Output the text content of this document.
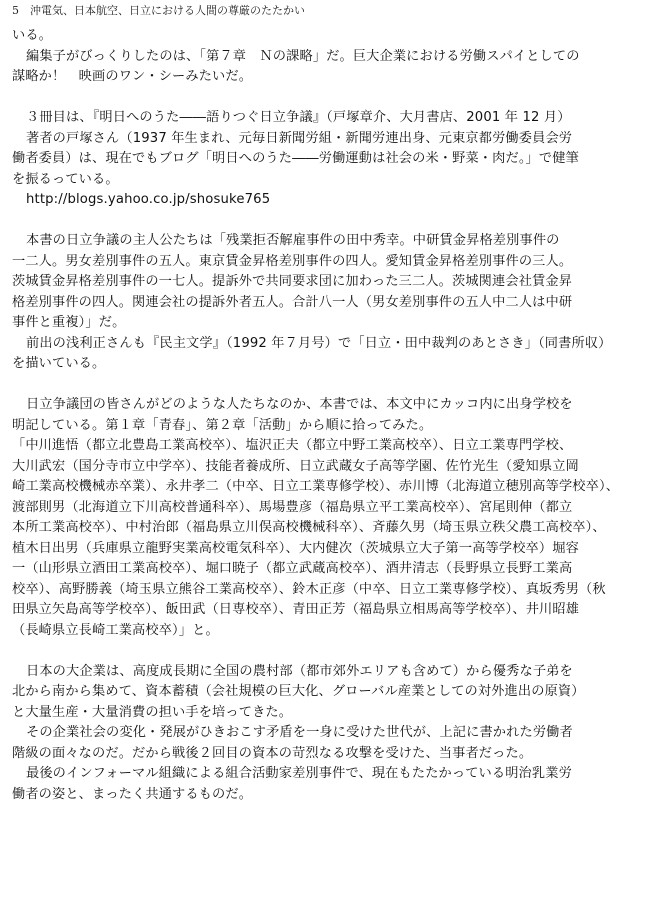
5　沖電気、日本航空、日立における人間の尊厳のたたかい
いる。
編集子がびっくりしたのは、「第７章　Ｎの課略」だ。巨大企業における労働スパイとしての
謀略か！　映画のワン・シーみたいだ。
３冊目は、『明日へのうた――語りつぐ日立争議』（戸塚章介、大月書店、2001 年 12 月）
著者の戸塚さん（1937 年生まれ、元毎日新聞労組・新聞労連出身、元東京都労働委員会労
働者委員）は、現在でもブログ「明日へのうた――労働運動は社会の米・野菜・肉だ。」で健筆
を振るっている。
http://blogs.yahoo.co.jp/shosuke765
本書の日立争議の主人公たちは「残業拒否解雇事件の田中秀幸。中研賃金昇格差別事件の
一二人。男女差別事件の五人。東京賃金昇格差別事件の四人。愛知賃金昇格差別事件の三人。
茨城賃金昇格差別事件の一七人。提訴外で共同要求団に加わった三二人。茨城関連会社賃金昇
格差別事件の四人。関連会社の提訴外者五人。合計八一人（男女差別事件の五人中二人は中研
事件と重複）」だ。
前出の浅利正さんも『民主文学』（1992 年７月号）で「日立・田中裁判のあとさき」（同書所収）
を描いている。
日立争議団の皆さんがどのような人たちなのか、本書では、本文中にカッコ内に出身学校を
明記している。第１章「青春」、第２章「活動」から順に拾ってみた。
「中川進悟（都立北豊島工業高校卒）、塩沢正夫（都立中野工業高校卒）、日立工業専門学校、
大川武宏（国分寺市立中学卒）、技能者養成所、日立武蔵女子高等学園、佐竹光生（愛知県立岡
崎工業高校機械赤卒業）、永井孝二（中卒、日立工業専修学校）、赤川博（北海道立穂別高等学校卒）、
渡部則男（北海道立下川高校普通科卒）、馬場豊彦（福島県立平工業高校卒）、宮尾則伸（都立
本所工業高校卒）、中村治郎（福島県立川俣高校機械科卒）、斉藤久男（埼玉県立秩父農工高校卒）、
植木日出男（兵庫県立龍野実業高校電気科卒）、大内健次（茨城県立大子第一高等学校卒）堀容
一（山形県立酒田工業高校卒）、堀口暁子（都立武蔵高校卒）、酒井清志（長野県立長野工業高
校卒）、高野勝義（埼玉県立熊谷工業高校卒）、鈴木正彦（中卒、日立工業専修学校）、真坂秀男（秋
田県立矢島高等学校卒）、飯田武（日専校卒）、青田正芳（福島県立相馬高等学校卒）、井川昭雄
（長崎県立長崎工業高校卒）」と。
日本の大企業は、高度成長期に全国の農村部（都市郊外エリアも含めて）から優秀な子弟を
北から南から集めて、資本蓄積（会社規模の巨大化、グローバル産業としての対外進出の原資）
と大量生産・大量消費の担い手を培ってきた。
その企業社会の変化・発展がひきおこす矛盾を一身に受けた世代が、上記に書かれた労働者
階級の面々なのだ。だから戦後２回目の資本の苛烈なる攻撃を受けた、当事者だった。
最後のインフォーマル組織による組合活動家差別事件で、現在もたたかっている明治乳業労
働者の姿と、まったく共通するものだ。
